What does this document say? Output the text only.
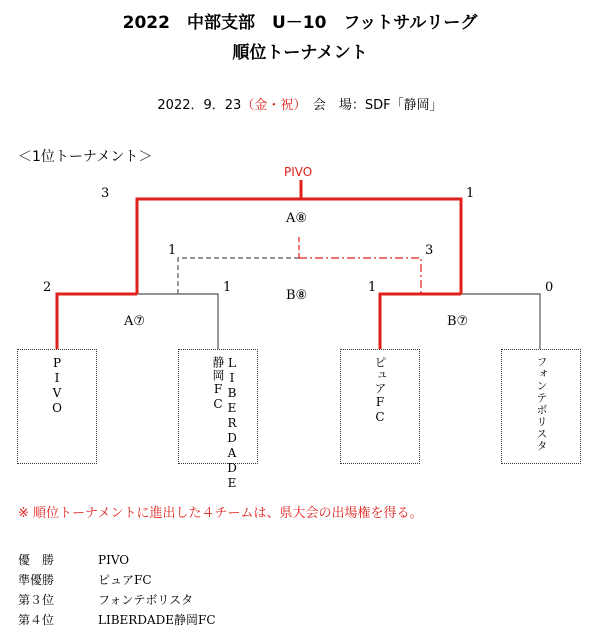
2022　中部支部　U－10　フットサルリーグ
順位トーナメント
2022．9．23（金・祝）　会　場：SDF「静岡」
＜1位トーナメント＞
PIVO
3	1
A⑧
1	3
B⑧
2	1	1	0
A⑦	B⑦
PIVO	LIBERDADE静岡FC	ピュアFC	フォンテボリスタ
※ 順位トーナメントに進出した４チームは、県大会の出場権を得る。
優　勝	PIVO
準優勝	ピュアFC
第３位	フォンテボリスタ
第４位	LIBERDADE静岡FC
